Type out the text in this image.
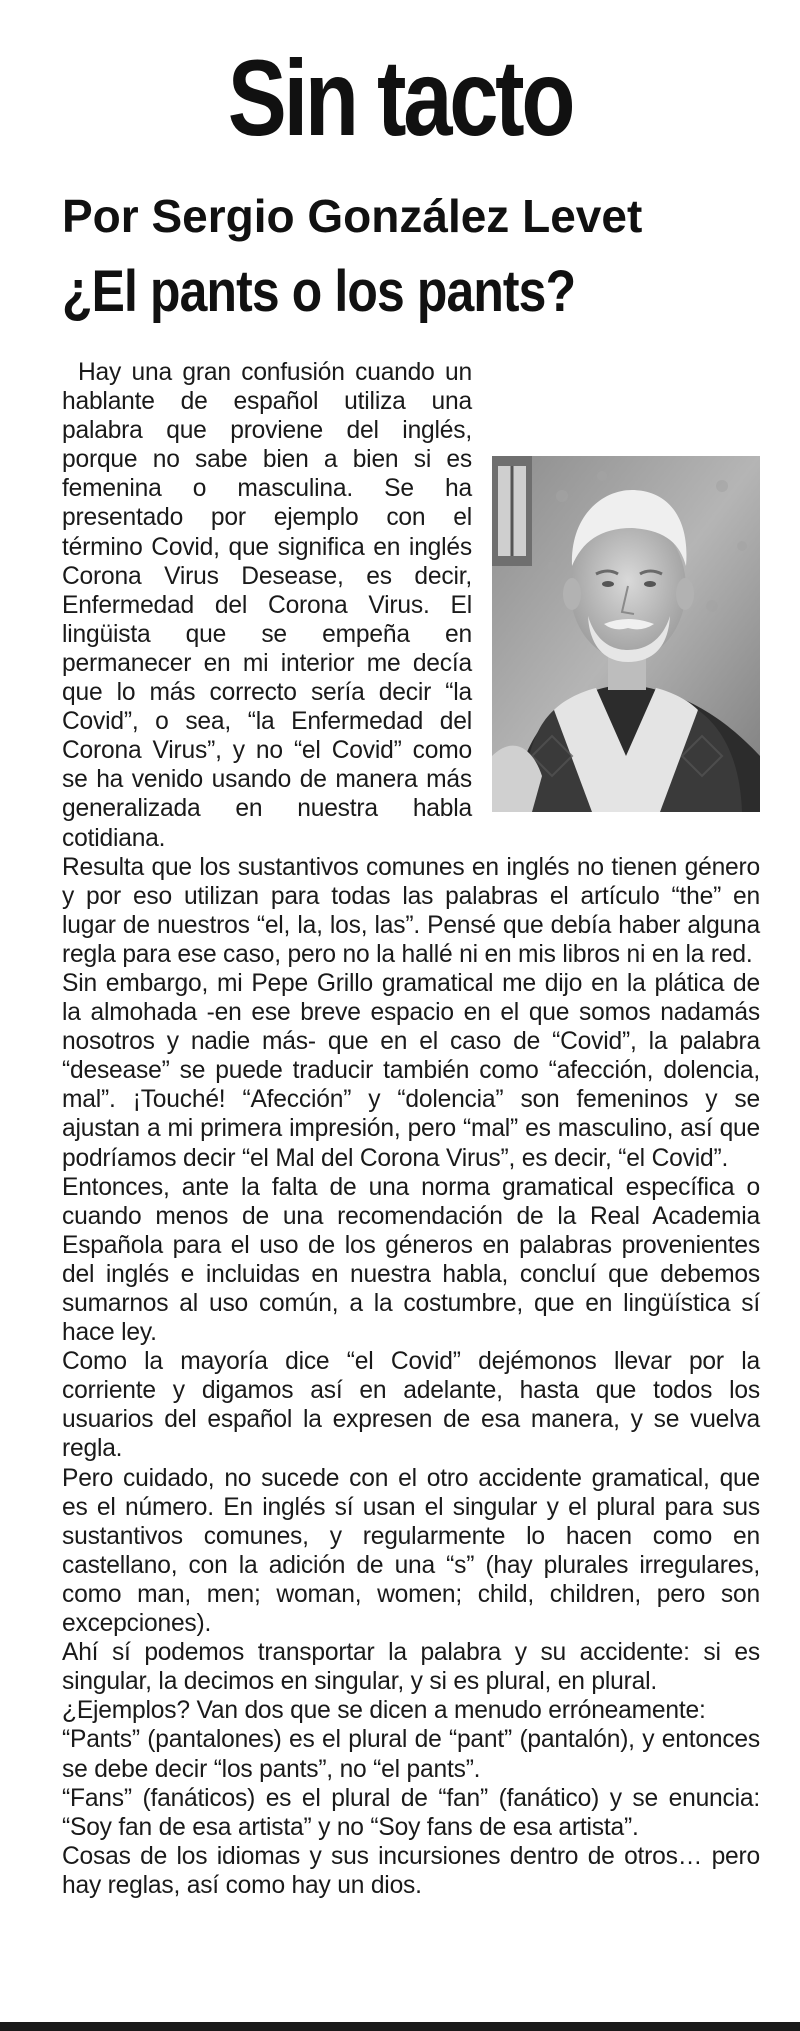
Sin tacto
Por Sergio González Levet
¿El pants o los pants?

Hay una gran confusión cuando un hablante de español utiliza una palabra que proviene del inglés, porque no sabe bien a bien si es femenina o masculina. Se ha presentado por ejemplo con el término Covid, que significa en inglés Corona Virus Desease, es decir, Enfermedad del Corona Virus. El lingüista que se empeña en permanecer en mi interior me decía que lo más correcto sería decir “la Covid”, o sea, “la Enfermedad del Corona Virus”, y no “el Covid” como se ha venido usando de manera más generalizada en nuestra habla cotidiana.

Resulta que los sustantivos comunes en inglés no tienen género y por eso utilizan para todas las palabras el artículo “the” en lugar de nuestros “el, la, los, las”. Pensé que debía haber alguna regla para ese caso, pero no la hallé ni en mis libros ni en la red.

Sin embargo, mi Pepe Grillo gramatical me dijo en la plática de la almohada -en ese breve espacio en el que somos nadamás nosotros y nadie más- que en el caso de “Covid”, la palabra “desease” se puede traducir también como “afección, dolencia, mal”. ¡Touché! “Afección” y “dolencia” son femeninos y se ajustan a mi primera impresión, pero “mal” es masculino, así que podríamos decir “el Mal del Corona Virus”, es decir, “el Covid”.

Entonces, ante la falta de una norma gramatical específica o cuando menos de una recomendación de la Real Academia Española para el uso de los géneros en palabras provenientes del inglés e incluidas en nuestra habla, concluí que debemos sumarnos al uso común, a la costumbre, que en lingüística sí hace ley.

Como la mayoría dice “el Covid” dejémonos llevar por la corriente y digamos así en adelante, hasta que todos los usuarios del español la expresen de esa manera, y se vuelva regla.

Pero cuidado, no sucede con el otro accidente gramatical, que es el número. En inglés sí usan el singular y el plural para sus sustantivos comunes, y regularmente lo hacen como en castellano, con la adición de una “s” (hay plurales irregulares, como man, men; woman, women; child, children, pero son excepciones).

Ahí sí podemos transportar la palabra y su accidente: si es singular, la decimos en singular, y si es plural, en plural.

¿Ejemplos? Van dos que se dicen a menudo erróneamente:

“Pants” (pantalones) es el plural de “pant” (pantalón), y entonces se debe decir “los pants”, no “el pants”.

“Fans” (fanáticos) es el plural de “fan” (fanático) y se enuncia: “Soy fan de esa artista” y no “Soy fans de esa artista”.

Cosas de los idiomas y sus incursiones dentro de otros… pero hay reglas, así como hay un dios.
